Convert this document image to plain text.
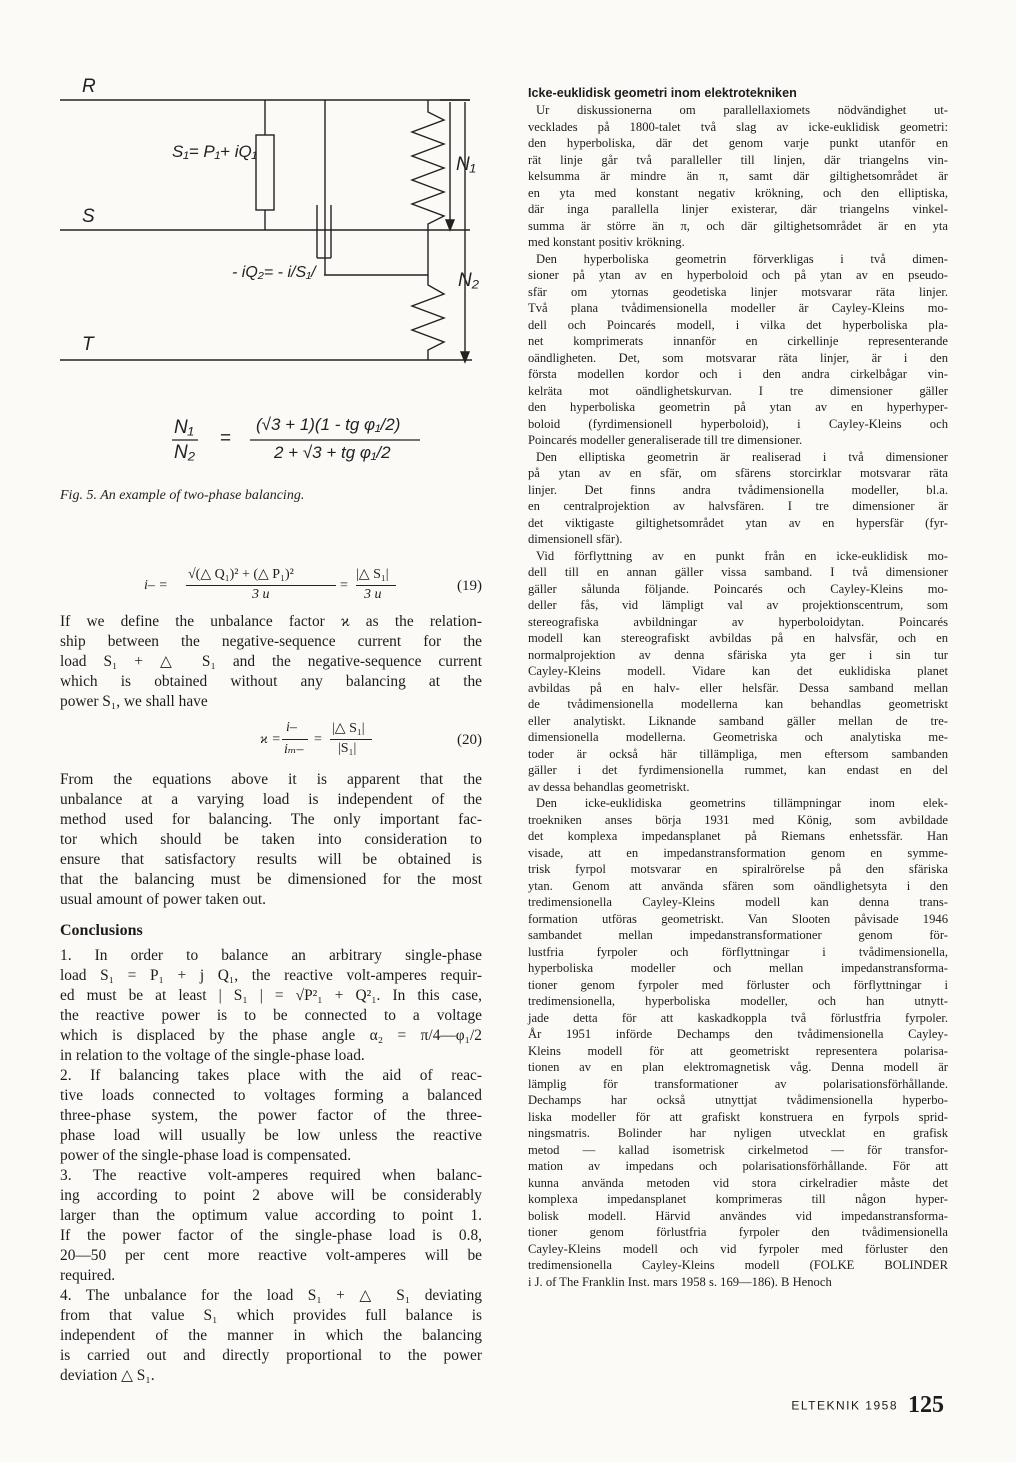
R
S
T
S₁= P₁+ iQ₁
- iQ₂= - i/S₁/
N₁
N₂
N₁
N₂
=
(√3 + 1)(1 - tg φ₁/2)
2 + √3 + tg φ₁/2
Fig. 5. An example of two-phase balancing.
i– =
√(△ Q₁)² + (△ P₁)²
3 u
=
|△ S₁|
3 u
(19)

If we define the unbalance factor ϰ as the relation-
ship between the negative-sequence current for the
load S₁ + △ S₁ and the negative-sequence current
which is obtained without any balancing at the
power S₁, we shall have

ϰ =
i–
iₘ–
=
|△ S₁|
|S₁|
(20)

From the equations above it is apparent that the
unbalance at a varying load is independent of the
method used for balancing. The only important fac-
tor which should be taken into consideration to
ensure that satisfactory results will be obtained is
that the balancing must be dimensioned for the most
usual amount of power taken out.

Conclusions

1. In order to balance an arbitrary single-phase
load S₁ = P₁ + j Q₁, the reactive volt-amperes requir-
ed must be at least | S₁ | = √P²₁ + Q²₁. In this case,
the reactive power is to be connected to a voltage
which is displaced by the phase angle α₂ = π/4—φ₁/2
in relation to the voltage of the single-phase load.

2. If balancing takes place with the aid of reac-
tive loads connected to voltages forming a balanced
three-phase system, the power factor of the three-
phase load will usually be low unless the reactive
power of the single-phase load is compensated.

3. The reactive volt-amperes required when balanc-
ing according to point 2 above will be considerably
larger than the optimum value according to point 1.
If the power factor of the single-phase load is 0.8,
20—50 per cent more reactive volt-amperes will be
required.

4. The unbalance for the load S₁ + △ S₁ deviating
from that value S₁ which provides full balance is
independent of the manner in which the balancing
is carried out and directly proportional to the power
deviation △ S₁.

Icke-euklidisk geometri inom elektrotekniken

Ur diskussionerna om parallellaxiomets nödvändighet ut-
vecklades på 1800-talet två slag av icke-euklidisk geometri:
den hyperboliska, där det genom varje punkt utanför en
rät linje går två paralleller till linjen, där triangelns vin-
kelsumma är mindre än π, samt där giltighetsområdet är
en yta med konstant negativ krökning, och den elliptiska,
där inga parallella linjer existerar, där triangelns vinkel-
summa är större än π, och där giltighetsområdet är en yta
med konstant positiv krökning.

Den hyperboliska geometrin förverkligas i två dimen-
sioner på ytan av en hyperboloid och på ytan av en pseudo-
sfär om ytornas geodetiska linjer motsvarar räta linjer.
Två plana tvådimensionella modeller är Cayley-Kleins mo-
dell och Poincarés modell, i vilka det hyperboliska pla-
net komprimerats innanför en cirkellinje representerande
oändligheten. Det, som motsvarar räta linjer, är i den
första modellen kordor och i den andra cirkelbågar vin-
kelräta mot oändlighetskurvan. I tre dimensioner gäller
den hyperboliska geometrin på ytan av en hyperhyper-
boloid (fyrdimensionell hyperboloid), i Cayley-Kleins och
Poincarés modeller generaliserade till tre dimensioner.

Den elliptiska geometrin är realiserad i två dimensioner
på ytan av en sfär, om sfärens storcirklar motsvarar räta
linjer. Det finns andra tvådimensionella modeller, bl.a.
en centralprojektion av halvsfären. I tre dimensioner är
det viktigaste giltighetsområdet ytan av en hypersfär (fyr-
dimensionell sfär).

Vid förflyttning av en punkt från en icke-euklidisk mo-
dell till en annan gäller vissa samband. I två dimensioner
gäller sålunda följande. Poincarés och Cayley-Kleins mo-
deller fås, vid lämpligt val av projektionscentrum, som
stereografiska avbildningar av hyperboloidytan. Poincarés
modell kan stereografiskt avbildas på en halvsfär, och en
normalprojektion av denna sfäriska yta ger i sin tur
Cayley-Kleins modell. Vidare kan det euklidiska planet
avbildas på en halv- eller helsfär. Dessa samband mellan
de tvådimensionella modellerna kan behandlas geometriskt
eller analytiskt. Liknande samband gäller mellan de tre-
dimensionella modellerna. Geometriska och analytiska me-
toder är också här tillämpliga, men eftersom sambanden
gäller i det fyrdimensionella rummet, kan endast en del
av dessa behandlas geometriskt.

Den icke-euklidiska geometrins tillämpningar inom elek-
troekniken anses börja 1931 med König, som avbildade
det komplexa impedansplanet på Riemans enhetssfär. Han
visade, att en impedanstransformation genom en symme-
trisk fyrpol motsvarar en spiralrörelse på den sfäriska
ytan. Genom att använda sfären som oändlighetsyta i den
tredimensionella Cayley-Kleins modell kan denna trans-
formation utföras geometriskt. Van Slooten påvisade 1946
sambandet mellan impedanstransformationer genom för-
lustfria fyrpoler och förflyttningar i tvådimensionella,
hyperboliska modeller och mellan impedanstransforma-
tioner genom fyrpoler med förluster och förflyttningar i
tredimensionella, hyperboliska modeller, och han utnytt-
jade detta för att kaskadkoppla två förlustfria fyrpoler.
År 1951 införde Dechamps den tvådimensionella Cayley-
Kleins modell för att geometriskt representera polarisa-
tionen av en plan elektromagnetisk våg. Denna modell är
lämplig för transformationer av polarisationsförhållande.
Dechamps har också utnyttjat tvådimensionella hyperbo-
liska modeller för att grafiskt konstruera en fyrpols sprid-
ningsmatris. Bolinder har nyligen utvecklat en grafisk
metod — kallad isometrisk cirkelmetod — för transfor-
mation av impedans och polarisationsförhållande. För att
kunna använda metoden vid stora cirkelradier måste det
komplexa impedansplanet komprimeras till någon hyper-
bolisk modell. Härvid användes vid impedanstransforma-
tioner genom förlustfria fyrpoler den tvådimensionella
Cayley-Kleins modell och vid fyrpoler med förluster den
tredimensionella Cayley-Kleins modell (FOLKE BOLINDER
i J. of The Franklin Inst. mars 1958 s. 169—186). B Henoch

ELTEKNIK 1958 125
